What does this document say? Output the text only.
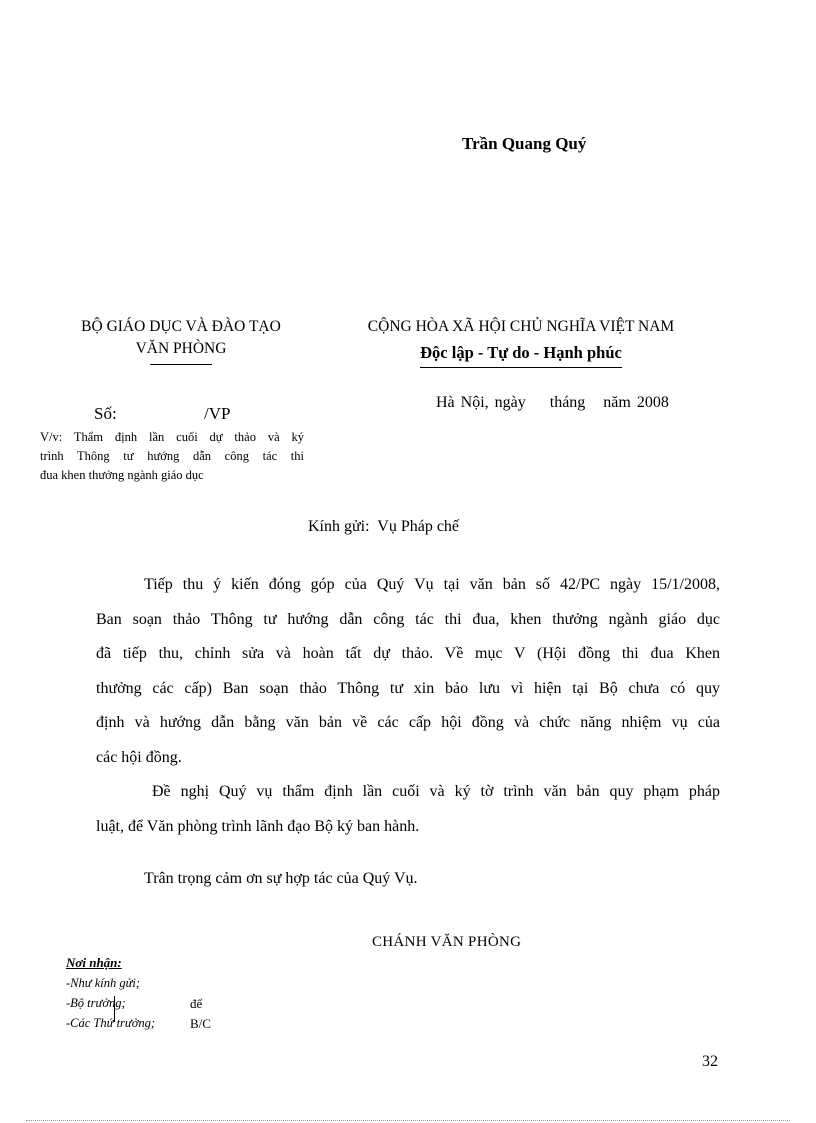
Trần Quang Quý
BỘ GIÁO DỤC VÀ ĐÀO TẠO
VĂN PHÒNG
CỘNG HÒA XÃ HỘI CHỦ NGHĨA VIỆT NAM
Độc lập - Tự do - Hạnh phúc
Số:	/VP
Hà Nội, ngày    tháng   năm 2008
V/v: Thẩm định lần cuối dự thảo và ký
trình Thông tư hướng dẫn công tác thi
đua khen thưởng ngành giáo dục
Kính gửi:  Vụ Pháp chế

Tiếp thu ý kiến đóng góp của Quý Vụ tại văn bản số 42/PC ngày 15/1/2008,
Ban soạn thảo Thông tư hướng dẫn công tác thi đua, khen thưởng ngành giáo dục
đã tiếp thu, chỉnh sửa và hoàn tất dự thảo. Về mục V (Hội đồng thi đua Khen
thưởng các cấp) Ban soạn thảo Thông tư xin bảo lưu vì hiện tại Bộ chưa có quy
định và hướng dẫn bằng văn bản về các cấp hội đồng và chức năng nhiệm vụ của
các hội đồng.

Đề nghị Quý vụ thẩm định lần cuối và ký tờ trình văn bản quy phạm pháp
luật, để Văn phòng trình lãnh đạo Bộ ký ban hành.

Trân trọng cảm ơn sự hợp tác của Quý Vụ.
CHÁNH VĂN PHÒNG
Nơi nhận:
-Như kính gửi;
-Bộ trưởng;
-Các Thứ trưởng;
để
B/C
32
